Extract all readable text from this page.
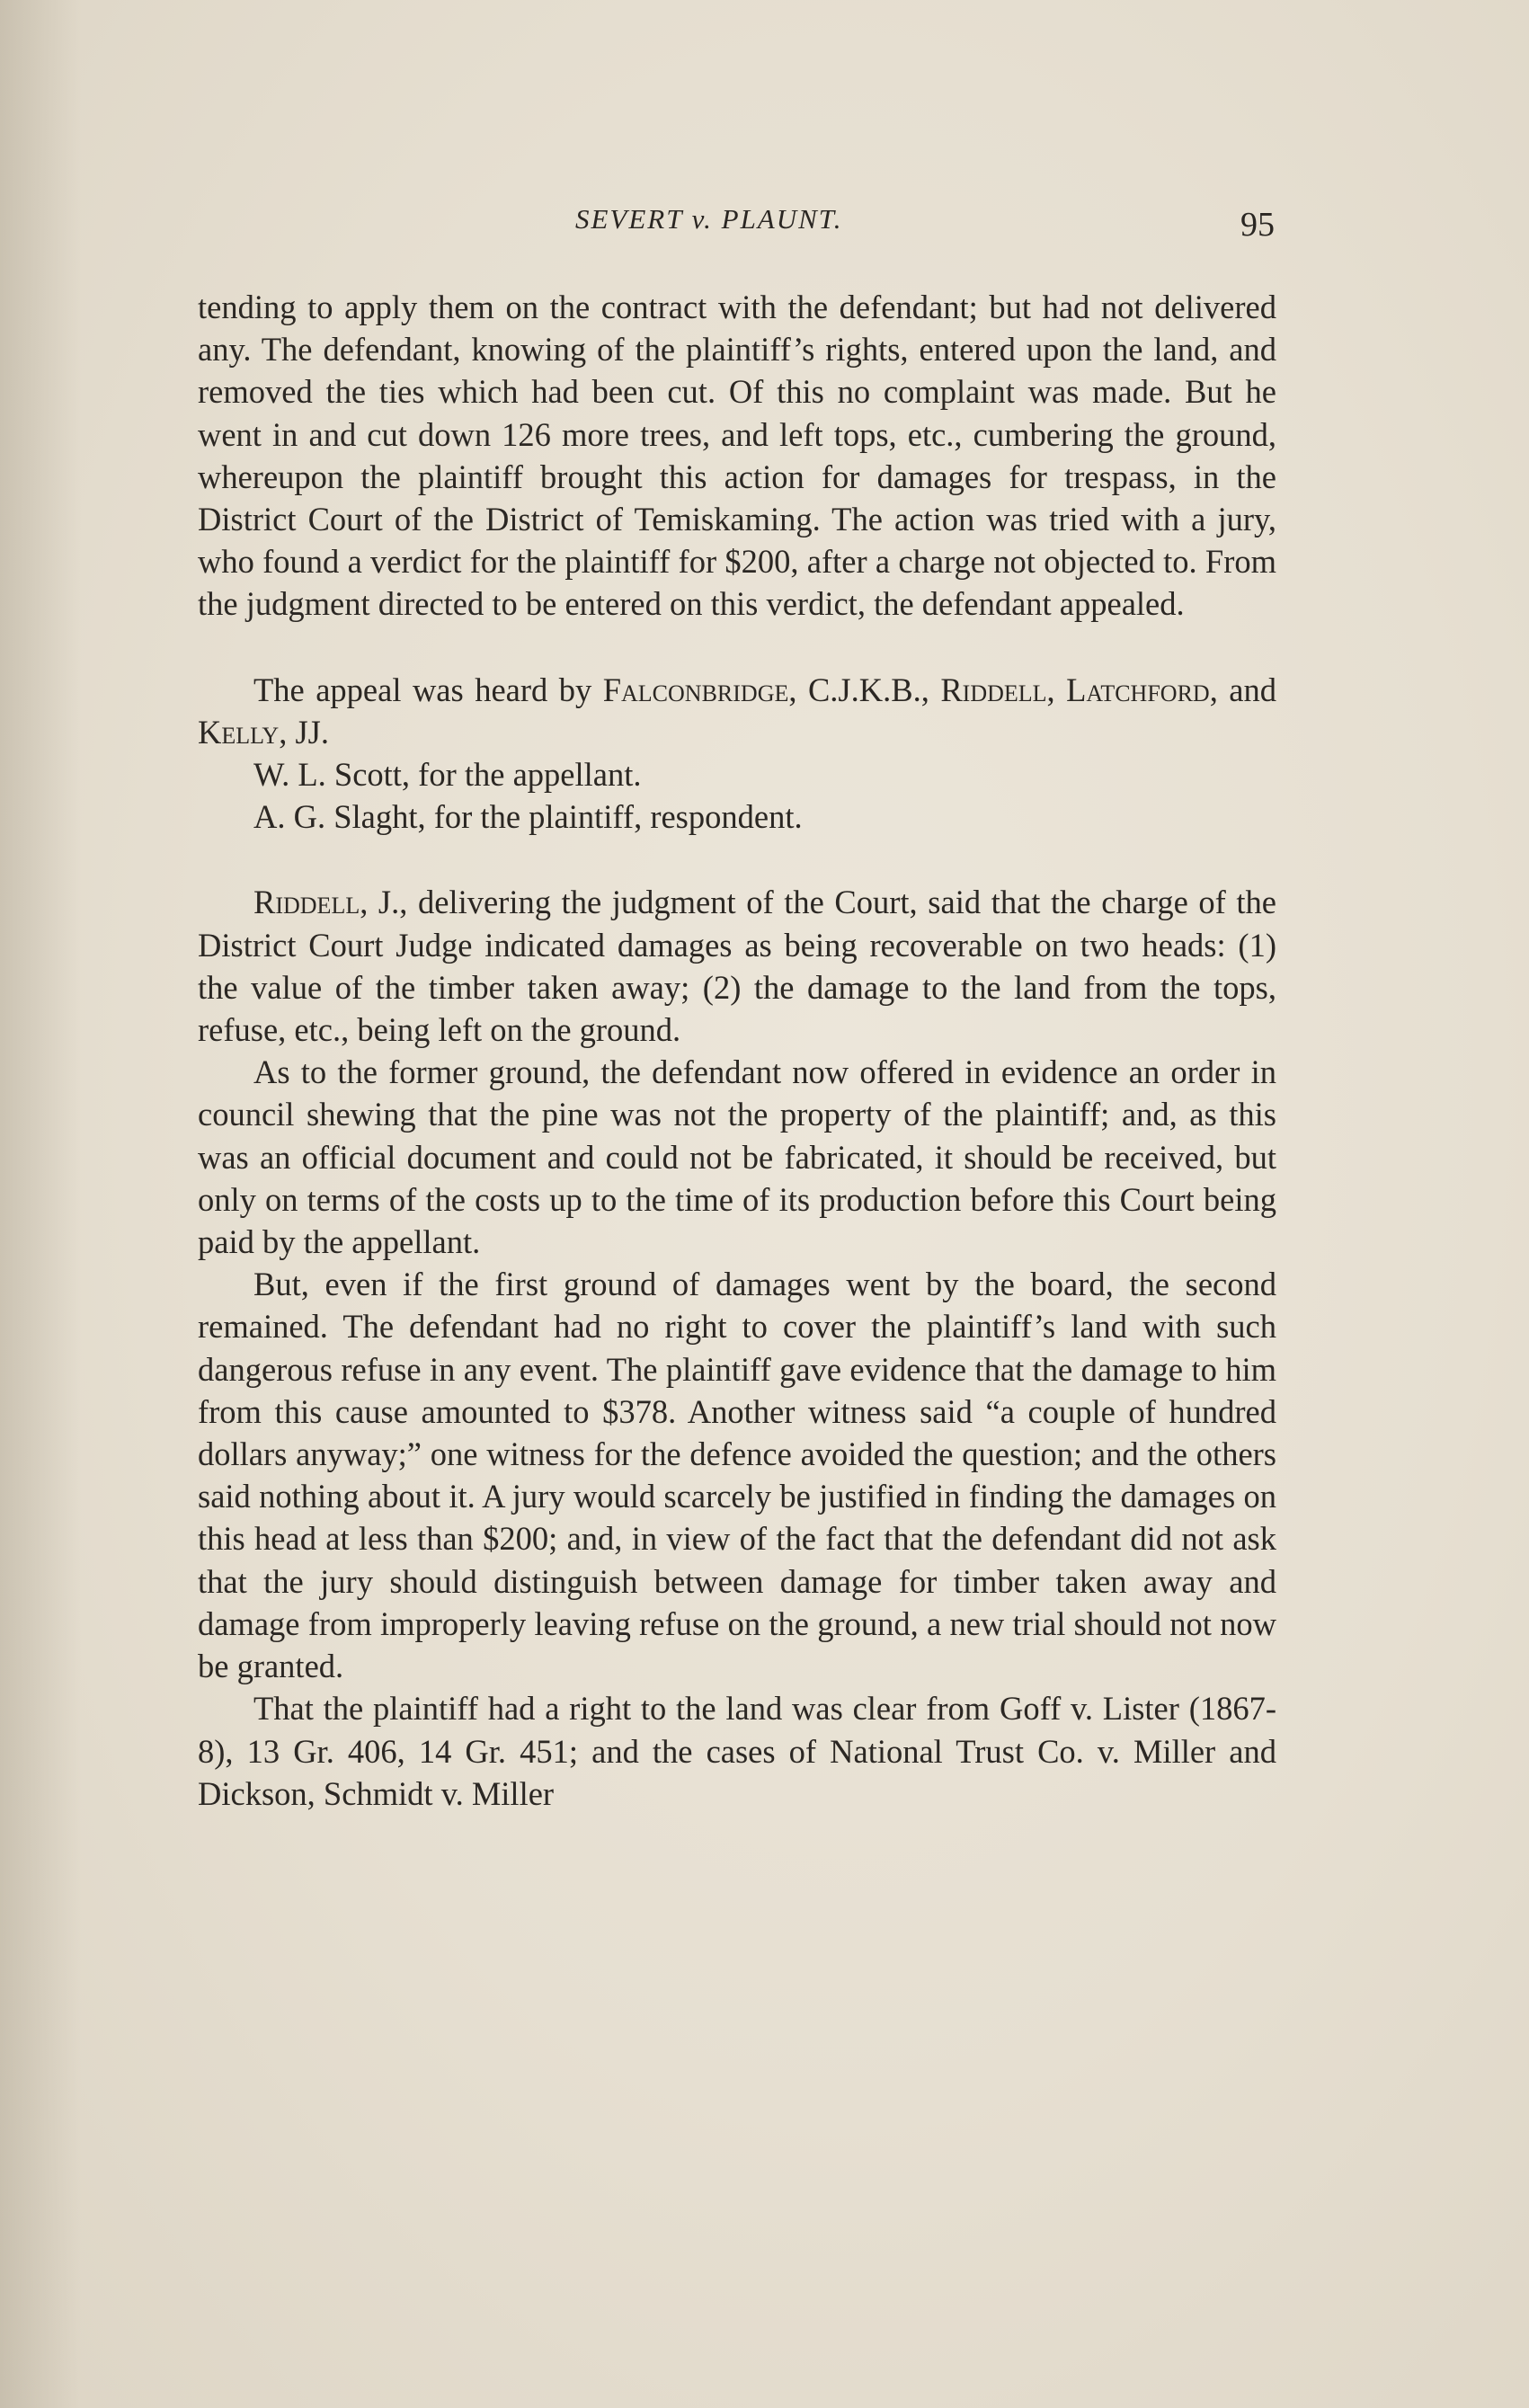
SEVERT v. PLAUNT.	95

tending to apply them on the contract with the defendant; but had not delivered any. The defendant, knowing of the plaintiff’s rights, entered upon the land, and removed the ties which had been cut. Of this no complaint was made. But he went in and cut down 126 more trees, and left tops, etc., cumbering the ground, whereupon the plaintiff brought this action for damages for trespass, in the District Court of the District of Temiskaming. The action was tried with a jury, who found a verdict for the plaintiff for $200, after a charge not objected to. From the judgment directed to be entered on this verdict, the defendant appealed.

The appeal was heard by Falconbridge, C.J.K.B., Riddell, Latchford, and Kelly, JJ.

W. L. Scott, for the appellant.

A. G. Slaght, for the plaintiff, respondent.

Riddell, J., delivering the judgment of the Court, said that the charge of the District Court Judge indicated damages as being recoverable on two heads: (1) the value of the timber taken away; (2) the damage to the land from the tops, refuse, etc., being left on the ground.

As to the former ground, the defendant now offered in evidence an order in council shewing that the pine was not the property of the plaintiff; and, as this was an official document and could not be fabricated, it should be received, but only on terms of the costs up to the time of its production before this Court being paid by the appellant.

But, even if the first ground of damages went by the board, the second remained. The defendant had no right to cover the plaintiff’s land with such dangerous refuse in any event. The plaintiff gave evidence that the damage to him from this cause amounted to $378. Another witness said “a couple of hundred dollars anyway;” one witness for the defence avoided the question; and the others said nothing about it. A jury would scarcely be justified in finding the damages on this head at less than $200; and, in view of the fact that the defendant did not ask that the jury should distinguish between damage for timber taken away and damage from improperly leaving refuse on the ground, a new trial should not now be granted.

That the plaintiff had a right to the land was clear from Goff v. Lister (1867-8), 13 Gr. 406, 14 Gr. 451; and the cases of National Trust Co. v. Miller and Dickson, Schmidt v. Miller
